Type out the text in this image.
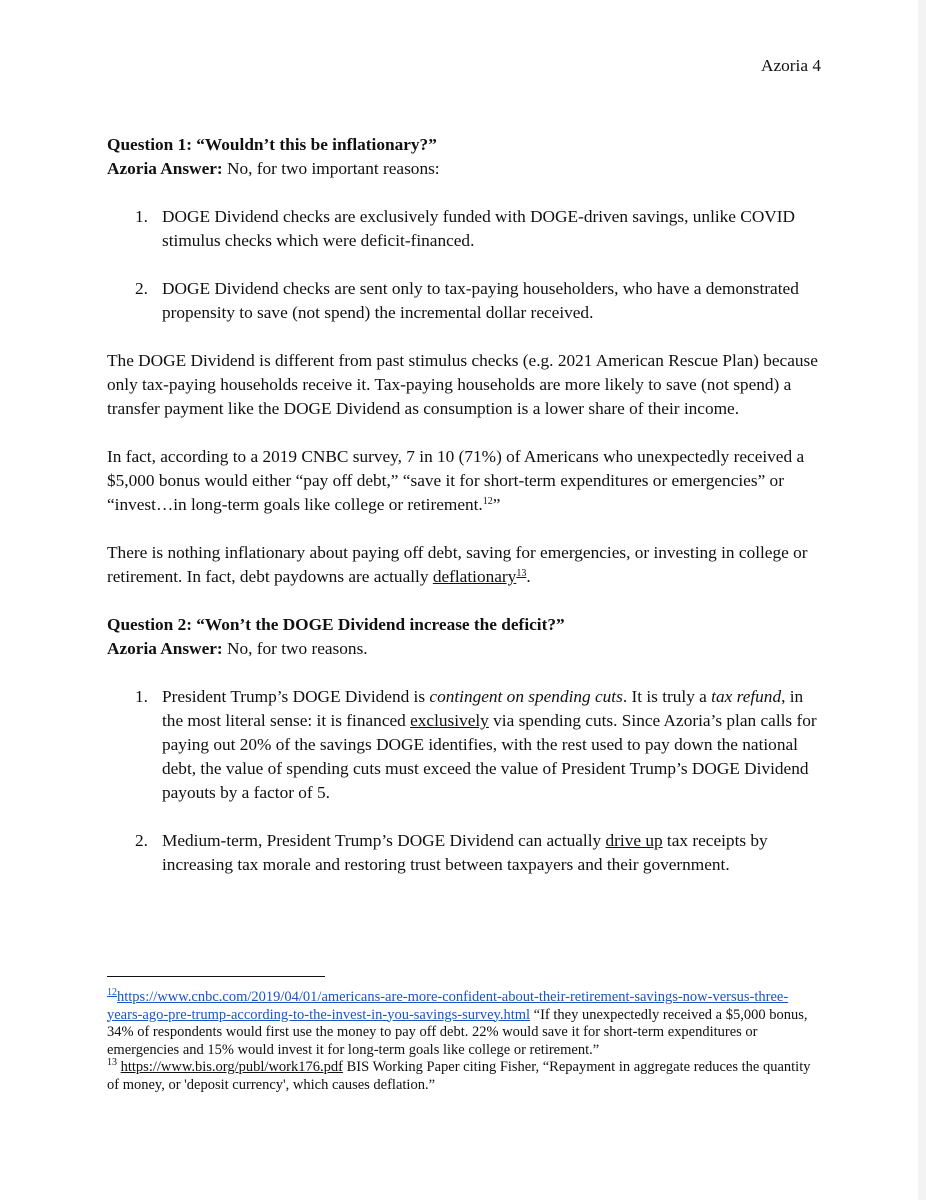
Azoria 4

Question 1: “Wouldn’t this be inflationary?”

Azoria Answer: No, for two important reasons:

1. DOGE Dividend checks are exclusively funded with DOGE-driven savings, unlike COVID stimulus checks which were deficit-financed.
2. DOGE Dividend checks are sent only to tax-paying householders, who have a demonstrated propensity to save (not spend) the incremental dollar received.

The DOGE Dividend is different from past stimulus checks (e.g. 2021 American Rescue Plan) because only tax-paying households receive it. Tax-paying households are more likely to save (not spend) a transfer payment like the DOGE Dividend as consumption is a lower share of their income.

In fact, according to a 2019 CNBC survey, 7 in 10 (71%) of Americans who unexpectedly received a $5,000 bonus would either “pay off debt,” “save it for short-term expenditures or emergencies” or “invest…in long-term goals like college or retirement.$^{12}$”

There is nothing inflationary about paying off debt, saving for emergencies, or investing in college or retirement. In fact, debt paydowns are actually deflationary$^{13}$.

Question 2: “Won’t the DOGE Dividend increase the deficit?”

Azoria Answer: No, for two reasons.

1. President Trump’s DOGE Dividend is contingent on spending cuts. It is truly a tax refund, in the most literal sense: it is financed exclusively via spending cuts. Since Azoria’s plan calls for paying out 20% of the savings DOGE identifies, with the rest used to pay down the national debt, the value of spending cuts must exceed the value of President Trump’s DOGE Dividend payouts by a factor of 5.
2. Medium-term, President Trump’s DOGE Dividend can actually drive up tax receipts by increasing tax morale and restoring trust between taxpayers and their government.

$^{12}$https://www.cnbc.com/2019/04/01/americans-are-more-confident-about-their-retirement-savings-now-versus-three-years-ago-pre-trump-according-to-the-invest-in-you-savings-survey.html “If they unexpectedly received a $5,000 bonus, 34% of respondents would first use the money to pay off debt. 22% would save it for short-term expenditures or emergencies and 15% would invest it for long-term goals like college or retirement.”

$^{13}$ https://www.bis.org/publ/work176.pdf BIS Working Paper citing Fisher, “Repayment in aggregate reduces the quantity of money, or 'deposit currency', which causes deflation.”
